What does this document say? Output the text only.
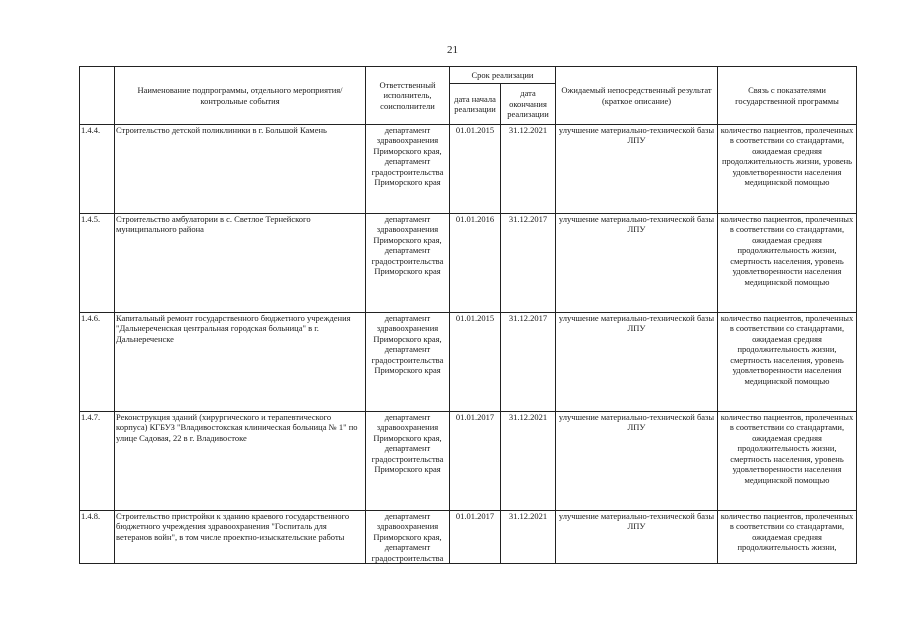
21
	Наименование подпрограммы, отдельного мероприятия/контрольные события	Ответственный исполнитель, соисполнители	Срок реализации		Ожидаемый непосредственный результат (краткое описание)	Связь с показателями государственной программы
			дата начала реализации	дата окончания реализации		
1.4.4.	Строительство детской поликлиники в г. Большой Камень	департамент здравоохранения Приморского края, департамент градостроительства Приморского края	01.01.2015	31.12.2021	улучшение материально-технической базы ЛПУ	количество пациентов, пролеченных в соответствии со стандартами, ожидаемая средняя продолжительность жизни, уровень удовлетворенности населения медицинской помощью
1.4.5.	Строительство амбулатории в с. Светлое Тернейского муниципального района	департамент здравоохранения Приморского края, департамент градостроительства Приморского края	01.01.2016	31.12.2017	улучшение материально-технической базы ЛПУ	количество пациентов, пролеченных в соответствии со стандартами, ожидаемая средняя продолжительность жизни, смертность населения, уровень удовлетворенности населения медицинской помощью
1.4.6.	Капитальный ремонт государственного бюджетного учреждения "Дальнереченская центральная городская больница" в г. Дальнереченске	департамент здравоохранения Приморского края, департамент градостроительства Приморского края	01.01.2015	31.12.2017	улучшение материально-технической базы ЛПУ	количество пациентов, пролеченных в соответствии со стандартами, ожидаемая средняя продолжительность жизни, смертность населения, уровень удовлетворенности населения медицинской помощью
1.4.7.	Реконструкция зданий (хирургического и терапевтического корпуса) КГБУЗ "Владивостокская клиническая больница № 1" по улице Садовая, 22 в г. Владивостоке	департамент здравоохранения Приморского края, департамент градостроительства Приморского края	01.01.2017	31.12.2021	улучшение материально-технической базы ЛПУ	количество пациентов, пролеченных в соответствии со стандартами, ожидаемая средняя продолжительность жизни, смертность населения, уровень удовлетворенности населения медицинской помощью
1.4.8.	Строительство пристройки к зданию краевого государственного бюджетного учреждения здравоохранения "Госпиталь для ветеранов войн", в том числе проектно-изыскательские работы	департамент здравоохранения Приморского края, департамент градостроительства	01.01.2017	31.12.2021	улучшение материально-технической базы ЛПУ	количество пациентов, пролеченных в соответствии со стандартами, ожидаемая средняя продолжительность жизни,
